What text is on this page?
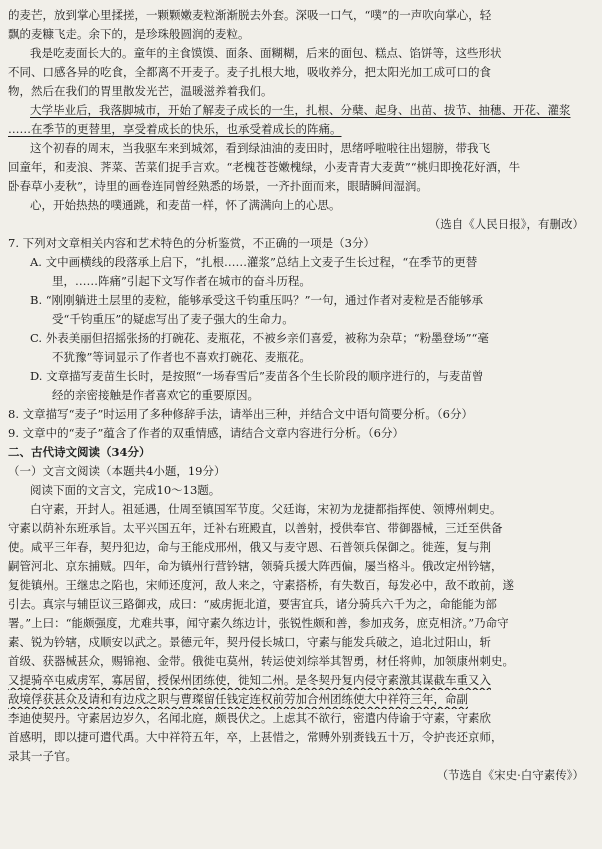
的麦芒，放到掌心里揉搓，一颗颗嫩麦粒渐渐脱去外套。深吸一口气，“噗”的一声吹向掌心，轻
飘的麦糠飞走。余下的，是珍珠般圆润的麦粒。
我是吃麦面长大的。童年的主食馍馍、面条、面糊糊，后来的面包、糕点、馅饼等，这些形状
不同、口感各异的吃食，全都离不开麦子。麦子扎根大地，吸收养分，把太阳光加工成可口的食
物，然后在我们的胃里散发光芒，温暖滋养着我们。
大学毕业后，我落脚城市，开始了解麦子成长的一生，扎根、分蘖、起身、出苗、拔节、抽穗、开花、灌浆
……在季节的更替里，享受着成长的快乐，也承受着成长的阵痛。
这个初春的周末，当我驱车来到城郊，看到绿油油的麦田时，思绪呼啦啦往出翅膀，带我飞
回童年，和麦浪、荠菜、苦菜们捉手言欢。“老槐苍苍嫩槐绿，小麦青青大麦黄”“桃归即挽花好酒，牛
卧春草小麦秋”，诗里的画卷连同曾经熟悉的场景，一齐扑面而来，眼睛瞬间湿润。
心，开始热热的噗通跳，和麦苗一样，怀了满满向上的心思。
（选自《人民日报》，有删改）
7. 下列对文章相关内容和艺术特色的分析鉴赏，不正确的一项是（3分）
A. 文中画横线的段落承上启下，“扎根……灌浆”总结上文麦子生长过程，“在季节的更替
里，……阵痛”引起下文写作者在城市的奋斗历程。
B. “刚刚躺进土层里的麦粒，能够承受这千钧重压吗？”一句，通过作者对麦粒是否能够承
受“千钧重压”的疑虑写出了麦子强大的生命力。
C. 外表美丽但招摇张扬的打碗花、麦瓶花，不被乡亲们喜爱，被称为杂草；“粉墨登场”“毫
不犹豫”等词显示了作者也不喜欢打碗花、麦瓶花。
D. 文章描写麦苗生长时，是按照“一场春雪后”麦苗各个生长阶段的顺序进行的，与麦苗曾
经的亲密接触是作者喜欢它的重要原因。
8. 文章描写“麦子”时运用了多种修辞手法，请举出三种，并结合文中语句简要分析。（6分）
9. 文章中的“麦子”蕴含了作者的双重情感，请结合文章内容进行分析。（6分）
二、古代诗文阅读（34分）
（一）文言文阅读（本题共4小题，19分）
阅读下面的文言文，完成10～13题。
白守素，开封人。祖延遇，仕周至镇国军节度。父廷诲，宋初为龙捷都指挥使、领博州刺史。
守素以荫补东班承旨。太平兴国五年，迁补右班殿直，以善射，授供奉官、带御器械，三迁至供备
使。咸平三年春，契丹犯边，命与王能戍邢州，俄又与麦守恩、石普领兵保御之。徙莲，复与荆
嗣管河北、京东捕贼。四年，命为镇州行营钤辖，领骑兵援大阵西偏，屡当格斗。俄改定州钤辖，
复徙镇州。王继忠之陷也，宋师还度河，敌人来之，守素搭桥，有失数百，每发必中，敌不敢前，遂
引去。真宗与辅臣议三路御戎，成曰：“威虏扼北道，要害宜兵，诸分骑兵六千为之，命能能为部
署。”上曰：“能颇强度，尤难共事，闻守素久练边计，张锐性颇和善，参加戎务，庶克相济。”乃命守
素、锐为钤辖，戍顺安以武之。景德元年，契丹侵长城口，守素与能发兵破之，追北过阳山，斩
首级、获器械甚众，赐锦袍、金带。俄徙屯莫州，转运使刘综举其智勇，材任将帅，加领康州刺史。
又提骑卒屯威虏军，寡居留，授保州团练使，徙知二州。是冬契丹复内侵守素激其谋截车重又入
敌境俘获甚众及请和有边戍之职与曹璨留任钱定连权前劳加合州团练使大中祥符三年，命副
李迪使契丹。守素居边岁久，名闻北庭，颇畏伏之。上虑其不欲行，密遣内侍谕于守素，守素欣
首感明，即以捷可遣代禹。大中祥符五年，卒，上甚惜之，常赙外别赉钱五十万，令护丧还京师，
录其一子官。
（节选自《宋史·白守素传》）
